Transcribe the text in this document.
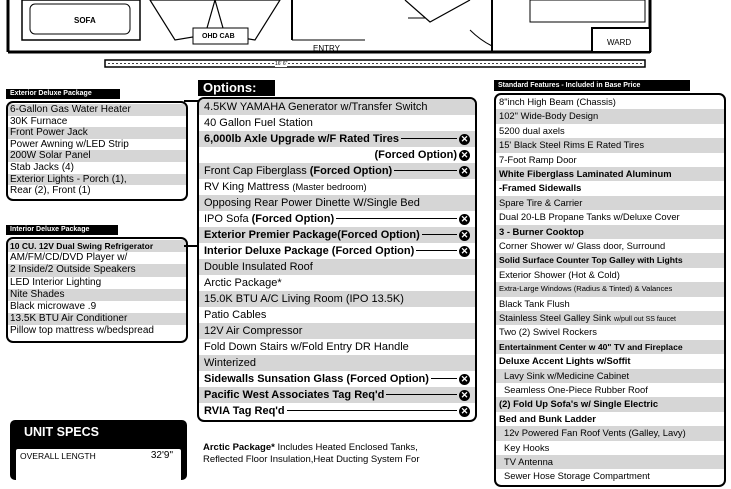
SOFA
OHD CAB
ENTRY
WARD
16' 6"
Exterior Deluxe Package
6-Gallon Gas Water Heater
30K Furnace
Front Power Jack
Power Awning w/LED Strip
200W Solar Panel
Stab Jacks (4)
Exterior Lights - Porch (1),
Rear (2), Front (1)
Interior Deluxe Package
10 CU. 12V Dual Swing Refrigerator
AM/FM/CD/DVD Player w/
2 Inside/2 Outside Speakers
LED Interior Lighting
Nite Shades
Black microwave .9
13.5K BTU Air Conditioner
Pillow top mattress w/bedspread
Options:
4.5KW YAMAHA Generator w/Transfer Switch
40 Gallon Fuel Station
6,000lb Axle Upgrade w/F Rated Tires	✕
(Forced Option) ✕
Front Cap Fiberglass (Forced Option)	✕
RV King Mattress (Master bedroom)
Opposing Rear Power Dinette W/Single Bed
IPO Sofa (Forced Option)	✕
Exterior Premier Package(Forced Option)	✕
Interior Deluxe Package (Forced Option)	✕
Double Insulated Roof
Arctic Package*
15.0K BTU A/C Living Room (IPO 13.5K)
Patio Cables
12V Air Compressor
Fold Down Stairs w/Fold Entry DR Handle
Winterized
Sidewalls Sunsation Glass (Forced Option)	✕
Pacific West Associates Tag Req'd	✕
RVIA Tag Req'd	✕
Arctic Package* Includes Heated Enclosed Tanks,
Reflected Floor Insulation,Heat Ducting System For
Standard Features - Included in Base Price
8"inch High Beam (Chassis)
102" Wide-Body Design
5200 dual axels
15' Black Steel Rims E Rated Tires
7-Foot Ramp Door
White Fiberglass Laminated Aluminum
-Framed Sidewalls
Spare Tire & Carrier
Dual 20-LB Propane Tanks w/Deluxe Cover
3 - Burner Cooktop
Corner Shower w/ Glass door, Surround
Solid Surface Counter Top Galley with Lights
Exterior Shower (Hot & Cold)
Extra-Large Windows (Radius & Tinted) & Valances
Black Tank Flush
Stainless Steel Galley Sink w/pull out SS faucet
Two (2) Swivel Rockers
Entertainment Center w 40" TV and Fireplace
Deluxe Accent Lights w/Soffit
Lavy Sink w/Medicine Cabinet
Seamless One-Piece Rubber Roof
(2) Fold Up Sofa's w/ Single Electric
Bed and Bunk Ladder
12v Powered Fan Roof Vents (Galley, Lavy)
Key Hooks
TV Antenna
Sewer Hose Storage Compartment
UNIT SPECS
OVERALL LENGTH	32'9"
